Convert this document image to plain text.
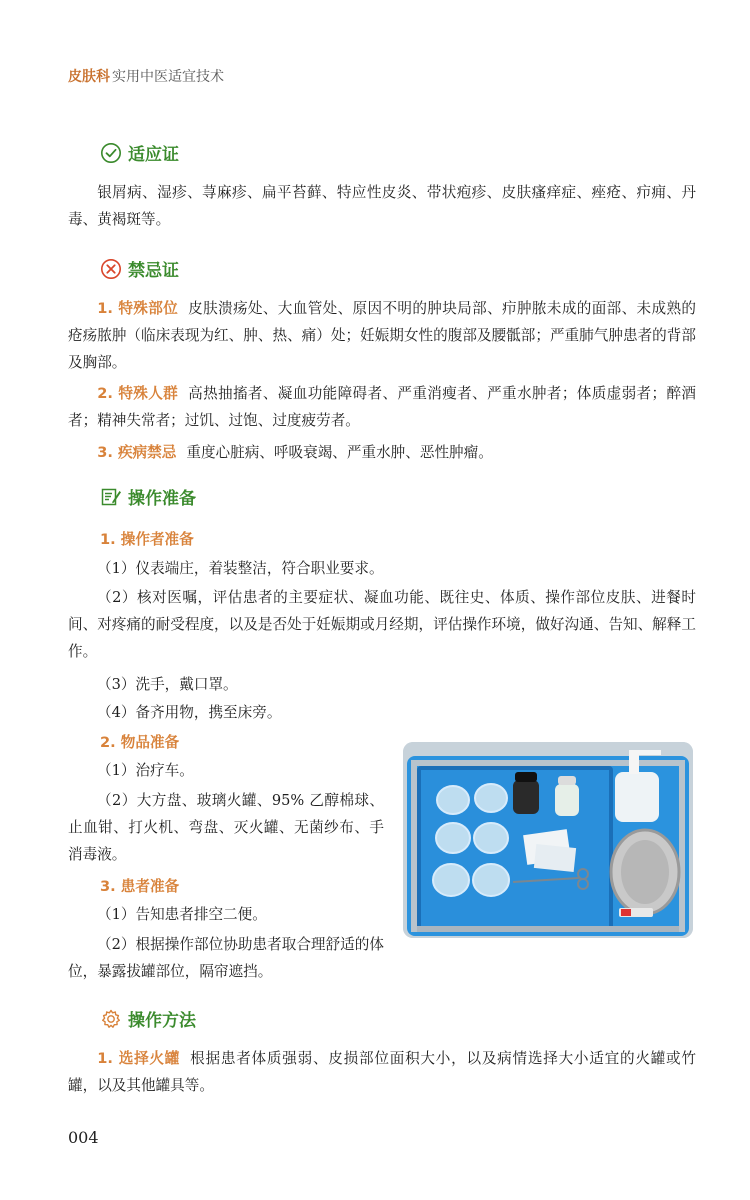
皮肤科 实用中医适宜技术
适应证
银屑病、湿疹、荨麻疹、扁平苔藓、特应性皮炎、带状疱疹、皮肤瘙痒症、痤疮、疖痈、丹毒、黄褐斑等。
禁忌证
1. 特殊部位 皮肤溃疡处、大血管处、原因不明的肿块局部、疖肿脓未成的面部、未成熟的疮疡脓肿（临床表现为红、肿、热、痛）处；妊娠期女性的腹部及腰骶部；严重肺气肿患者的背部及胸部。
2. 特殊人群 高热抽搐者、凝血功能障碍者、严重消瘦者、严重水肿者；体质虚弱者；醉酒者；精神失常者；过饥、过饱、过度疲劳者。
3. 疾病禁忌 重度心脏病、呼吸衰竭、严重水肿、恶性肿瘤。
操作准备
1. 操作者准备
（1）仪表端庄，着装整洁，符合职业要求。
（2）核对医嘱，评估患者的主要症状、凝血功能、既往史、体质、操作部位皮肤、进餐时间、对疼痛的耐受程度，以及是否处于妊娠期或月经期，评估操作环境，做好沟通、告知、解释工作。
（3）洗手，戴口罩。
（4）备齐用物，携至床旁。
2. 物品准备
（1）治疗车。
（2）大方盘、玻璃火罐、95% 乙醇棉球、止血钳、打火机、弯盘、灭火罐、无菌纱布、手消毒液。
3. 患者准备
（1）告知患者排空二便。
（2）根据操作部位协助患者取合理舒适的体位，暴露拔罐部位，隔帘遮挡。
操作方法
1. 选择火罐 根据患者体质强弱、皮损部位面积大小，以及病情选择大小适宜的火罐或竹罐，以及其他罐具等。
004
